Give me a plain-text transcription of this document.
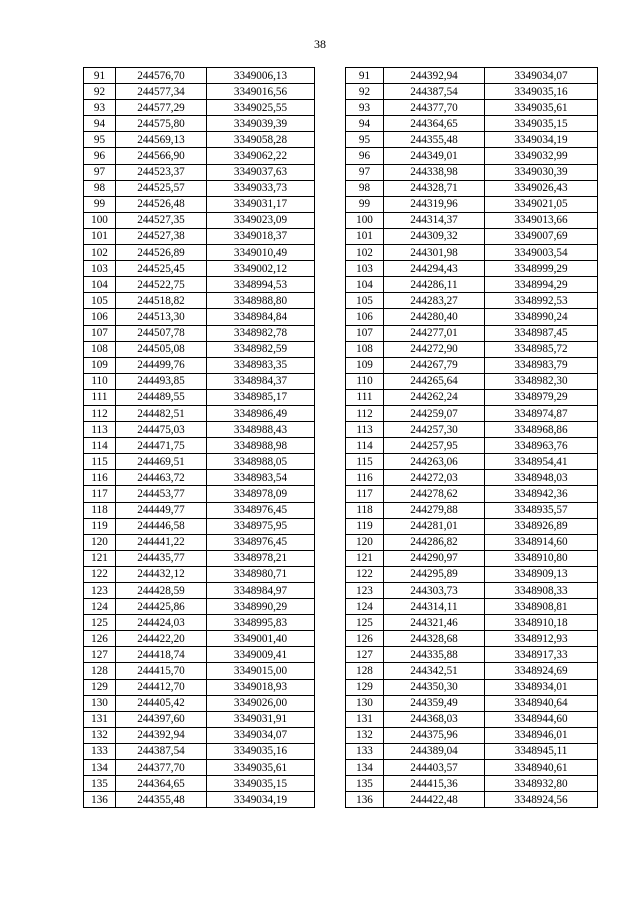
38
91	244576,70	3349006,13
92	244577,34	3349016,56
93	244577,29	3349025,55
94	244575,80	3349039,39
95	244569,13	3349058,28
96	244566,90	3349062,22
97	244523,37	3349037,63
98	244525,57	3349033,73
99	244526,48	3349031,17
100	244527,35	3349023,09
101	244527,38	3349018,37
102	244526,89	3349010,49
103	244525,45	3349002,12
104	244522,75	3348994,53
105	244518,82	3348988,80
106	244513,30	3348984,84
107	244507,78	3348982,78
108	244505,08	3348982,59
109	244499,76	3348983,35
110	244493,85	3348984,37
111	244489,55	3348985,17
112	244482,51	3348986,49
113	244475,03	3348988,43
114	244471,75	3348988,98
115	244469,51	3348988,05
116	244463,72	3348983,54
117	244453,77	3348978,09
118	244449,77	3348976,45
119	244446,58	3348975,95
120	244441,22	3348976,45
121	244435,77	3348978,21
122	244432,12	3348980,71
123	244428,59	3348984,97
124	244425,86	3348990,29
125	244424,03	3348995,83
126	244422,20	3349001,40
127	244418,74	3349009,41
128	244415,70	3349015,00
129	244412,70	3349018,93
130	244405,42	3349026,00
131	244397,60	3349031,91
132	244392,94	3349034,07
133	244387,54	3349035,16
134	244377,70	3349035,61
135	244364,65	3349035,15
136	244355,48	3349034,19
91	244392,94	3349034,07
92	244387,54	3349035,16
93	244377,70	3349035,61
94	244364,65	3349035,15
95	244355,48	3349034,19
96	244349,01	3349032,99
97	244338,98	3349030,39
98	244328,71	3349026,43
99	244319,96	3349021,05
100	244314,37	3349013,66
101	244309,32	3349007,69
102	244301,98	3349003,54
103	244294,43	3348999,29
104	244286,11	3348994,29
105	244283,27	3348992,53
106	244280,40	3348990,24
107	244277,01	3348987,45
108	244272,90	3348985,72
109	244267,79	3348983,79
110	244265,64	3348982,30
111	244262,24	3348979,29
112	244259,07	3348974,87
113	244257,30	3348968,86
114	244257,95	3348963,76
115	244263,06	3348954,41
116	244272,03	3348948,03
117	244278,62	3348942,36
118	244279,88	3348935,57
119	244281,01	3348926,89
120	244286,82	3348914,60
121	244290,97	3348910,80
122	244295,89	3348909,13
123	244303,73	3348908,33
124	244314,11	3348908,81
125	244321,46	3348910,18
126	244328,68	3348912,93
127	244335,88	3348917,33
128	244342,51	3348924,69
129	244350,30	3348934,01
130	244359,49	3348940,64
131	244368,03	3348944,60
132	244375,96	3348946,01
133	244389,04	3348945,11
134	244403,57	3348940,61
135	244415,36	3348932,80
136	244422,48	3348924,56
